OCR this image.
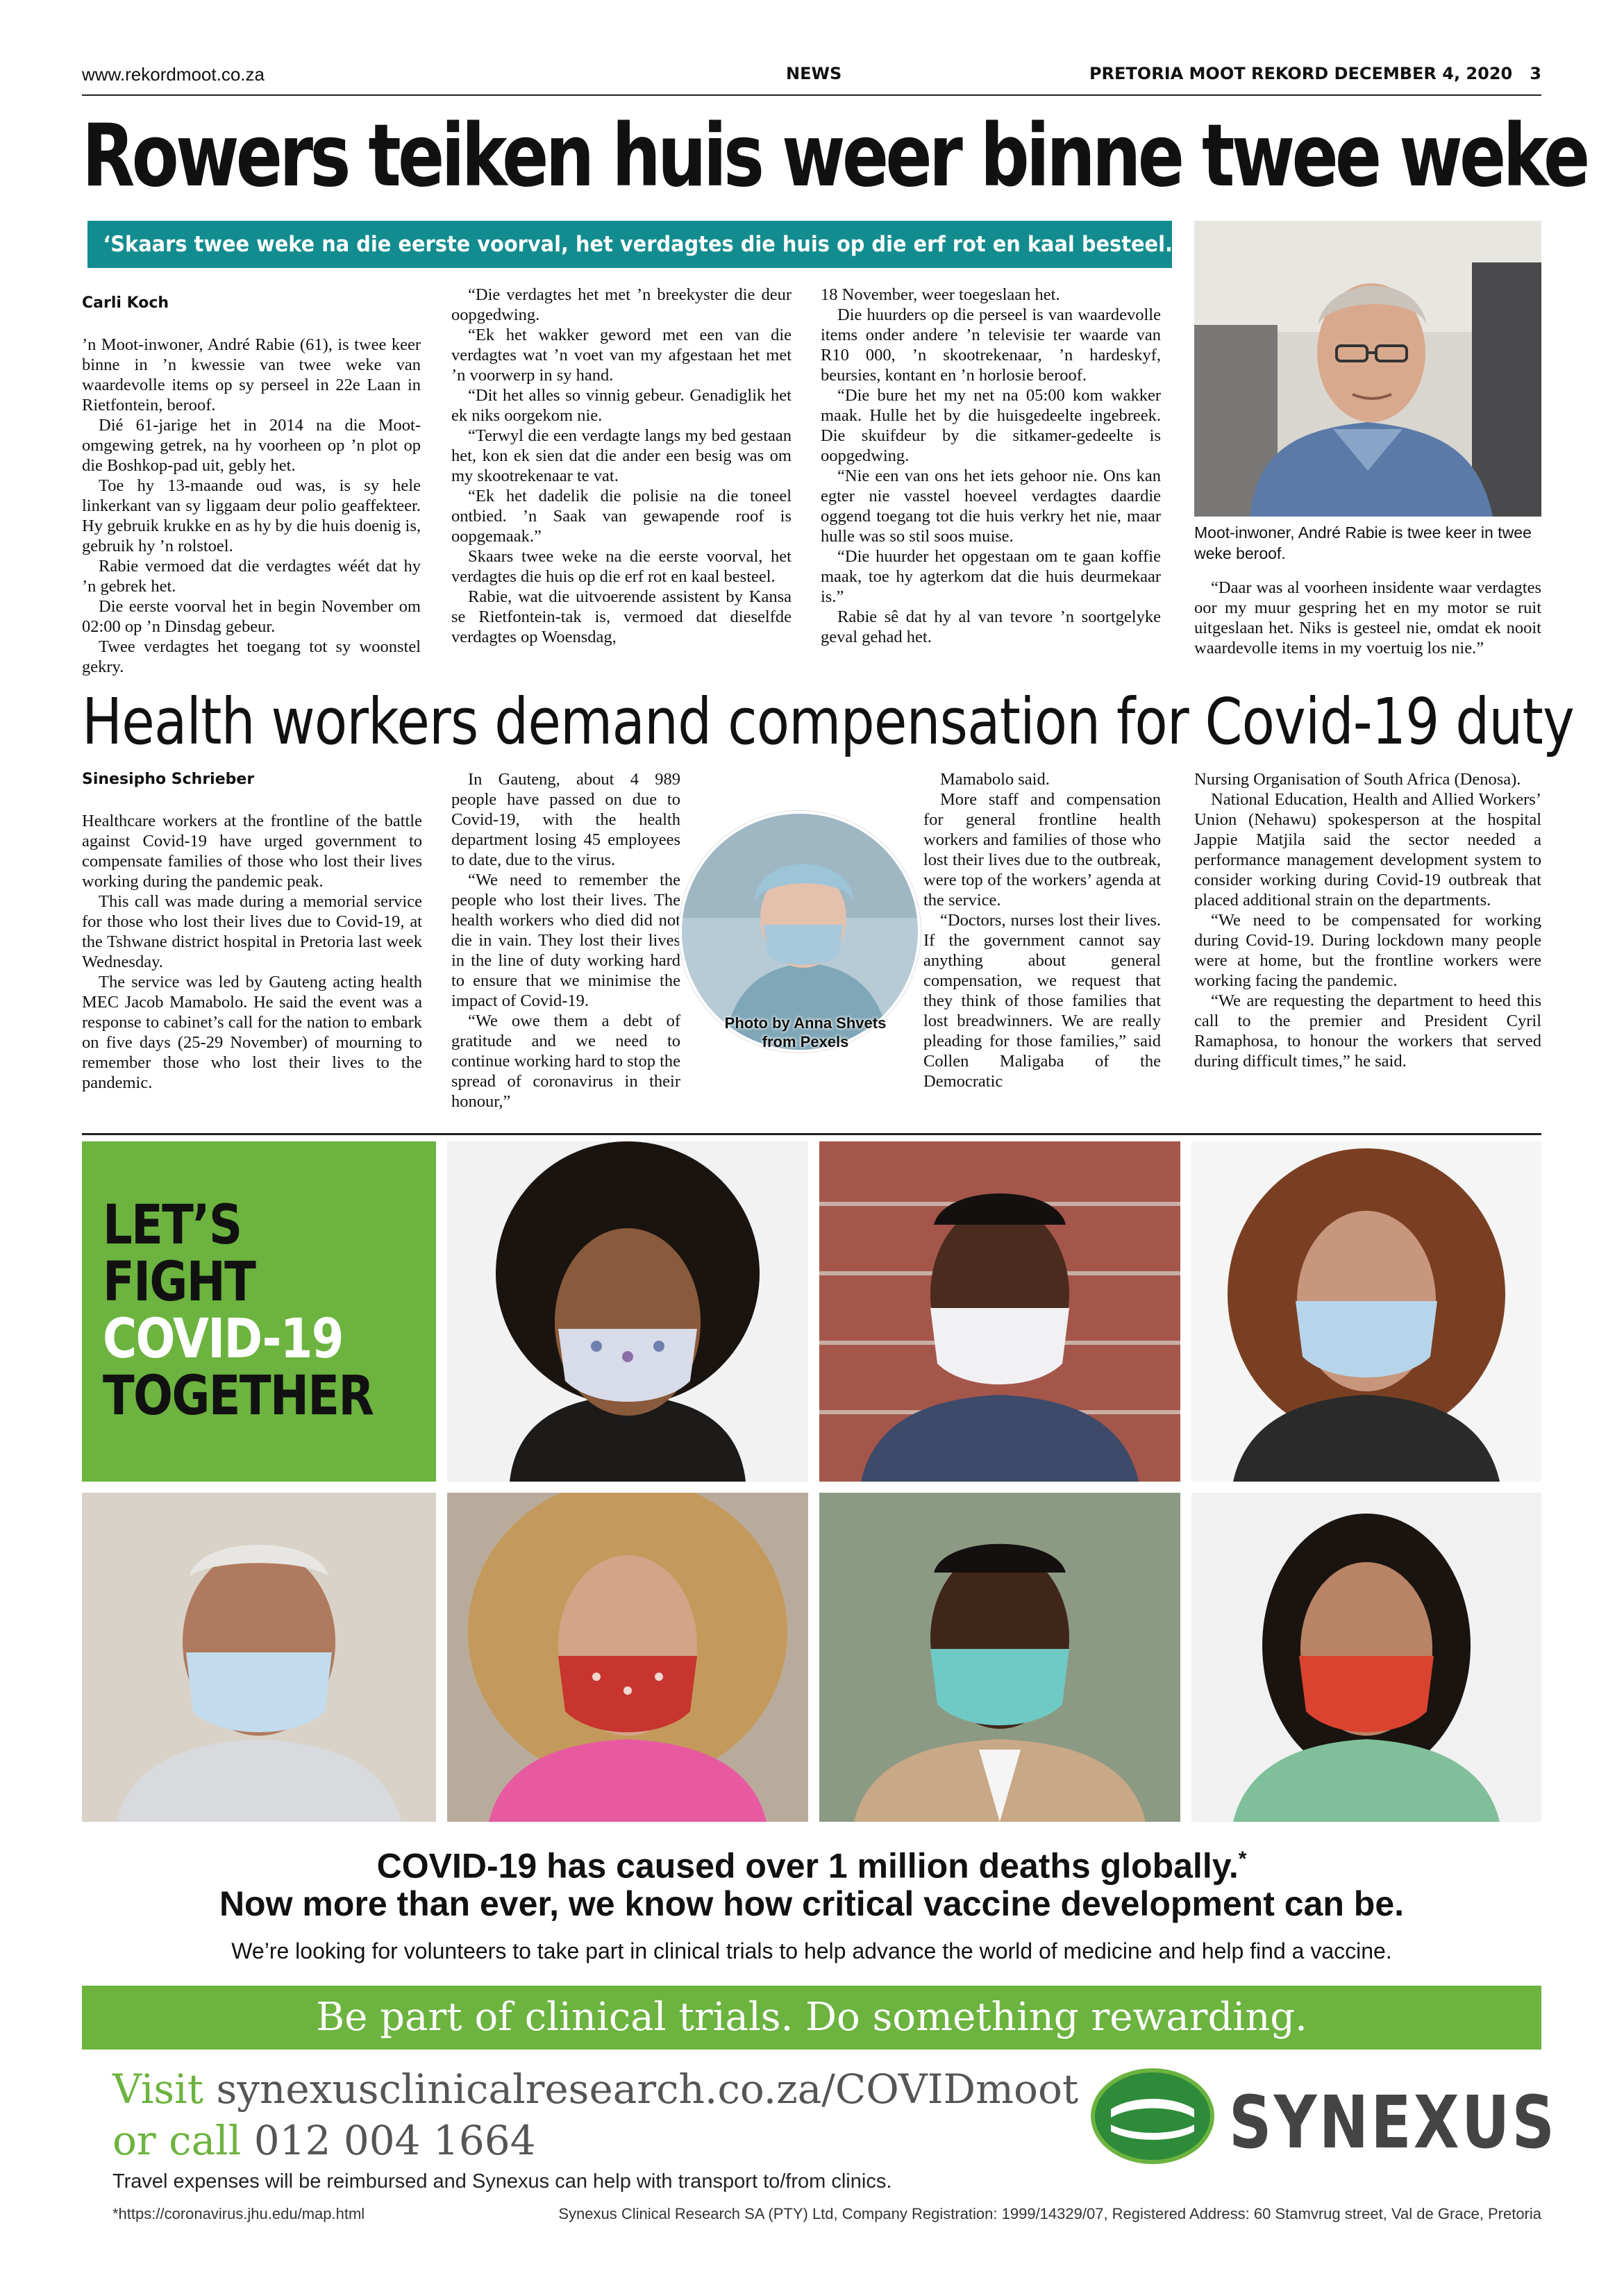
www.rekordmoot.co.za	NEWS	PRETORIA MOOT REKORD DECEMBER 4, 2020 3
Rowers teiken huis weer binne twee weke
‘Skaars twee weke na die eerste voorval, het verdagtes die huis op die erf rot en kaal besteel.’
Carli Koch

’n Moot-inwoner, André Rabie (61), is twee keer binne in ’n kwessie van twee weke van waardevolle items op sy perseel in 22e Laan in Rietfontein, beroof.

Dié 61-jarige het in 2014 na die Moot-omgewing getrek, na hy voorheen op ’n plot op die Boshkop-pad uit, gebly het.

Toe hy 13-maande oud was, is sy hele linkerkant van sy liggaam deur polio geaffekteer. Hy gebruik krukke en as hy by die huis doenig is, gebruik hy ’n rolstoel.

Rabie vermoed dat die verdagtes wéét dat hy ’n gebrek het.

Die eerste voorval het in begin November om 02:00 op ’n Dinsdag gebeur.

Twee verdagtes het toegang tot sy woonstel gekry.

“Die verdagtes het met ’n breekyster die deur oopgedwing.

“Ek het wakker geword met een van die verdagtes wat ’n voet van my afgestaan het met ’n voorwerp in sy hand.

“Dit het alles so vinnig gebeur. Genadiglik het ek niks oorgekom nie.

“Terwyl die een verdagte langs my bed gestaan het, kon ek sien dat die ander een besig was om my skootrekenaar te vat.

“Ek het dadelik die polisie na die toneel ontbied. ’n Saak van gewapende roof is oopgemaak.”

Skaars twee weke na die eerste voorval, het verdagtes die huis op die erf rot en kaal besteel.

Rabie, wat die uitvoerende assistent by Kansa se Rietfontein-tak is, vermoed dat dieselfde verdagtes op Woensdag,

18 November, weer toegeslaan het.

Die huurders op die perseel is van waardevolle items onder andere ’n televisie ter waarde van R10 000, ’n skootrekenaar, ’n hardeskyf, beursies, kontant en ’n horlosie beroof.

“Die bure het my net na 05:00 kom wakker maak. Hulle het by die huisgedeelte ingebreek. Die skuifdeur by die sitkamer-gedeelte is oopgedwing.

“Nie een van ons het iets gehoor nie. Ons kan egter nie vasstel hoeveel verdagtes daardie oggend toegang tot die huis verkry het nie, maar hulle was so stil soos muise.

“Die huurder het opgestaan om te gaan koffie maak, toe hy agterkom dat die huis deurmekaar is.”

Rabie sê dat hy al van tevore ’n soortgelyke geval gehad het.

Moot-inwoner, André Rabie is twee keer in twee weke beroof.

“Daar was al voorheen insidente waar verdagtes oor my muur gespring het en my motor se ruit uitgeslaan het. Niks is gesteel nie, omdat ek nooit waardevolle items in my voertuig los nie.”

Health workers demand compensation for Covid-19 duty
Sinesipho Schrieber

Healthcare workers at the frontline of the battle against Covid-19 have urged government to compensate families of those who lost their lives working during the pandemic peak.

This call was made during a memorial service for those who lost their lives due to Covid-19, at the Tshwane district hospital in Pretoria last week Wednesday.

The service was led by Gauteng acting health MEC Jacob Mamabolo. He said the event was a response to cabinet’s call for the nation to embark on five days (25-29 November) of mourning to remember those who lost their lives to the pandemic.

In Gauteng, about 4 989 people have passed on due to Covid-19, with the health department losing 45 employees to date, due to the virus.

“We need to remember the people who lost their lives. The health workers who died did not die in vain. They lost their lives in the line of duty working hard to ensure that we minimise the impact of Covid-19.

“We owe them a debt of gratitude and we need to continue working hard to stop the spread of coronavirus in their honour,”

Mamabolo said.

More staff and compensation for general frontline health workers and families of those who lost their lives due to the outbreak, were top of the workers’ agenda at the service.

“Doctors, nurses lost their lives. If the government cannot say anything about general compensation, we request that they think of those families that lost breadwinners. We are really pleading for those families,” said Collen Maligaba of the Democratic

Nursing Organisation of South Africa (Denosa).

National Education, Health and Allied Workers’ Union (Nehawu) spokesperson at the hospital Jappie Matjila said the sector needed a performance management development system to consider working during Covid-19 outbreak that placed additional strain on the departments.

“We need to be compensated for working during Covid-19. During lockdown many people were at home, but the frontline workers were working facing the pandemic.

“We are requesting the department to heed this call to the premier and President Cyril Ramaphosa, to honour the workers that served during difficult times,” he said.

Photo by Anna Shvets from Pexels
LET’S
FIGHT
COVID-19
TOGETHER
COVID-19 has caused over 1 million deaths globally.*
Now more than ever, we know how critical vaccine development can be.
We’re looking for volunteers to take part in clinical trials to help advance the world of medicine and help find a vaccine.
Be part of clinical trials. Do something rewarding.
Visit synexusclinicalresearch.co.za/COVIDmoot
or call 012 004 1664	SYNEXUS
Travel expenses will be reimbursed and Synexus can help with transport to/from clinics.
*https://coronavirus.jhu.edu/map.html	Synexus Clinical Research SA (PTY) Ltd, Company Registration: 1999/14329/07, Registered Address: 60 Stamvrug street, Val de Grace, Pretoria
